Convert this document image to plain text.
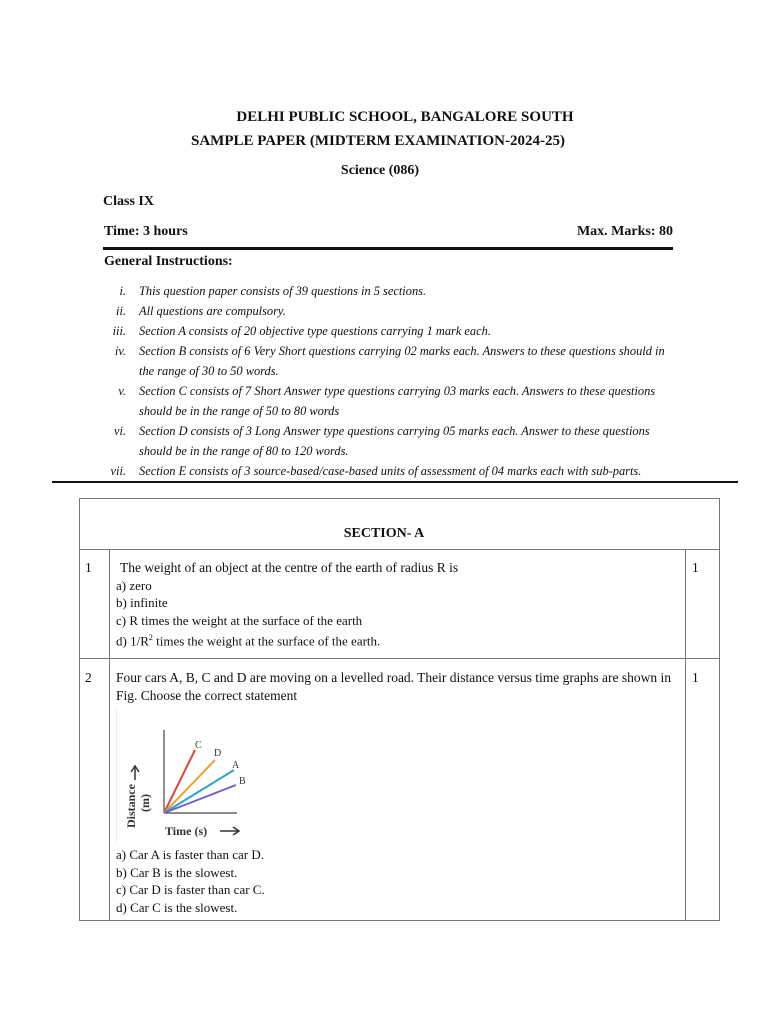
DELHI PUBLIC SCHOOL, BANGALORE SOUTH
SAMPLE PAPER (MIDTERM EXAMINATION-2024-25)
Science (086)
Class IX
Time: 3 hours	Max. Marks: 80
General Instructions:
i. This question paper consists of 39 questions in 5 sections.
ii. All questions are compulsory.
iii. Section A consists of 20 objective type questions carrying 1 mark each.
iv. Section B consists of 6 Very Short questions carrying 02 marks each. Answers to these questions should in the range of 30 to 50 words.
v. Section C consists of 7 Short Answer type questions carrying 03 marks each. Answers to these questions should be in the range of 50 to 80 words
vi. Section D consists of 3 Long Answer type questions carrying 05 marks each. Answer to these questions should be in the range of 80 to 120 words.
vii. Section E consists of 3 source-based/case-based units of assessment of 04 marks each with sub-parts.
SECTION- A
1 The weight of an object at the centre of the earth of radius R is
a) zero
b) infinite
c) R times the weight at the surface of the earth
d) $1/R^2$ times the weight at the surface of the earth.
1
2 Four cars A, B, C and D are moving on a levelled road. Their distance versus time graphs are shown in Fig. Choose the correct statement
1
C
D
A
B
Distance (m)
Time (s)
a) Car A is faster than car D.
b) Car B is the slowest.
c) Car D is faster than car C.
d) Car C is the slowest.
